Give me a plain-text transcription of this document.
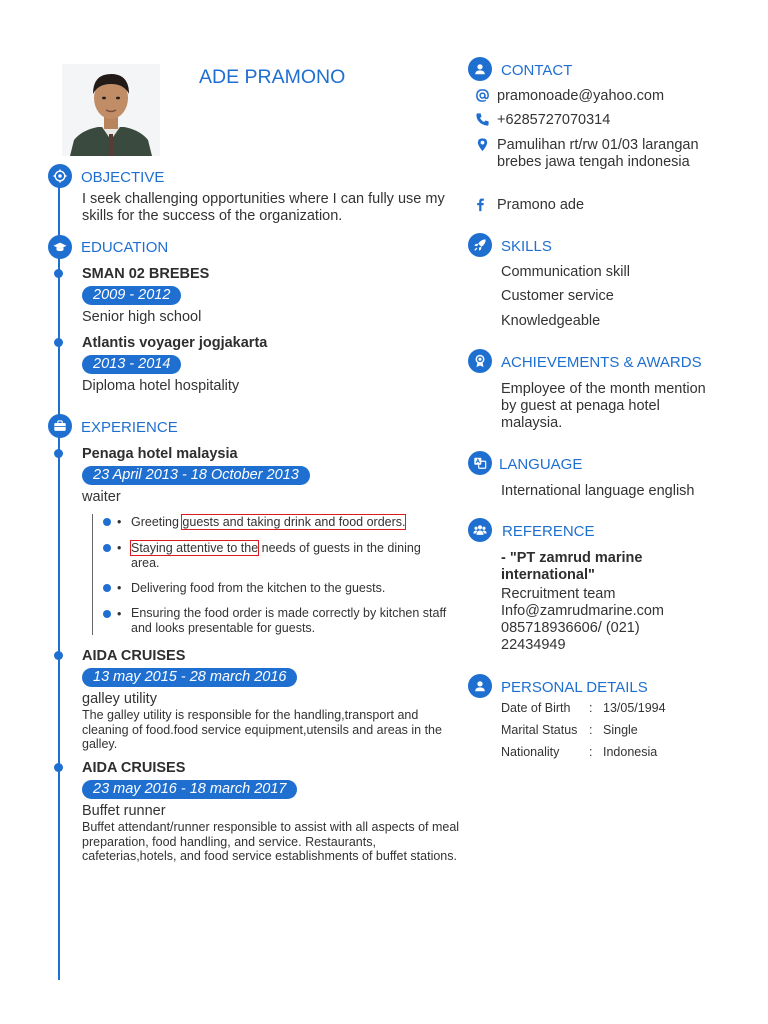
ADE PRAMONO
OBJECTIVE
I seek challenging opportunities where I can fully use my skills for the success of the organization.
EDUCATION
SMAN 02 BREBES
2009 - 2012
Senior high school
Atlantis voyager jogjakarta
2013 - 2014
Diploma hotel hospitality
EXPERIENCE
Penaga hotel malaysia
23 April 2013 - 18 October 2013
waiter
• Greeting guests and taking drink and food orders.
• Staying attentive to the needs of guests in the dining area.
• Delivering food from the kitchen to the guests.
• Ensuring the food order is made correctly by kitchen staff and looks presentable for guests.
AIDA CRUISES
13 may 2015 - 28 march 2016
galley utility
The galley utility is responsible for the handling,transport and cleaning of food.food service equipment,utensils and areas in the galley.
AIDA CRUISES
23 may 2016 - 18 march 2017
Buffet runner
Buffet attendant/runner responsible to assist with all aspects of meal preparation, food handling, and service. Restaurants, cafeterias,hotels, and food service establishments of buffet stations.
CONTACT
pramonoade@yahoo.com
+6285727070314
Pamulihan rt/rw 01/03 larangan brebes jawa tengah indonesia
Pramono ade
SKILLS
Communication skill
Customer service
Knowledgeable
ACHIEVEMENTS & AWARDS
Employee of the month mention by guest at penaga hotel malaysia.
LANGUAGE
International language english
REFERENCE
- "PT zamrud marine international"
Recruitment team
Info@zamrudmarine.com
085718936606/ (021) 22434949
PERSONAL DETAILS
Date of Birth : 13/05/1994
Marital Status : Single
Nationality : Indonesia
